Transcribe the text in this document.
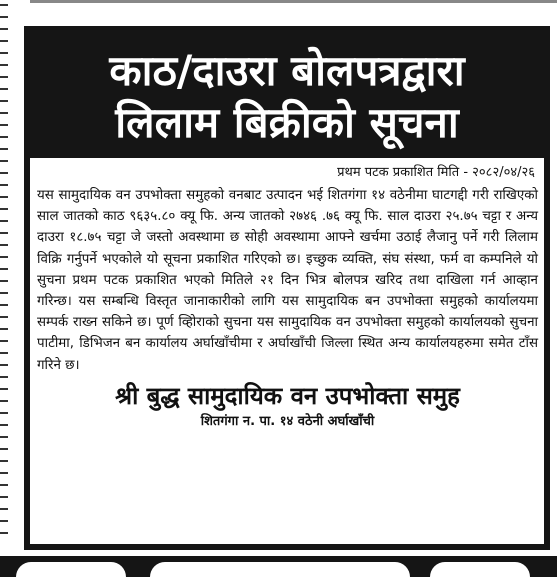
काठ/दाउरा बोलपत्रद्वारा
लिलाम बिक्रीको सूचना
प्रथम पटक प्रकाशित मिति - २०८२/०४/२६
यस सामुदायिक वन उपभोक्ता समुहको वनबाट उत्पादन भई शितगंगा १४ वठेनीमा घाटगद्दी गरी राखिएको साल जातको काठ ९६३५.८० क्यू फि. अन्य जातको २७४६ .७६ क्यू फि. साल दाउरा २५.७५ चट्टा र अन्य दाउरा १८.७५ चट्टा जे जस्तो अवस्थामा छ सोही अवस्थामा आफ्ने खर्चमा उठाई लैजानु पर्ने गरी लिलाम विक्रि गर्नुपर्ने भएकोले यो सूचना प्रकाशित गरिएको छ। इच्छुक व्यक्ति, संघ संस्था, फर्म वा कम्पनिले यो सुचना प्रथम पटक प्रकाशित भएको मितिले २१ दिन भित्र बोलपत्र खरिद तथा दाखिला गर्न आव्हान गरिन्छ। यस सम्बन्धि विस्तृत जानाकारीको लागि यस सामुदायिक बन उपभोक्ता समुहको कार्यालयमा सम्पर्क राख्न सकिने छ। पूर्ण व्हिोराको सुचना यस सामुदायिक वन उपभोक्ता समुहको कार्यालयको सुचना पाटीमा, डिभिजन बन कार्यालय अर्घाखाँचीमा र अर्घाखाँची जिल्ला स्थित अन्य कार्यालयहरुमा समेत टाँस गरिने छ।
श्री बुद्ध सामुदायिक वन उपभोक्ता समुह
शितगंगा न. पा. १४ वठेनी अर्घाखाँची
